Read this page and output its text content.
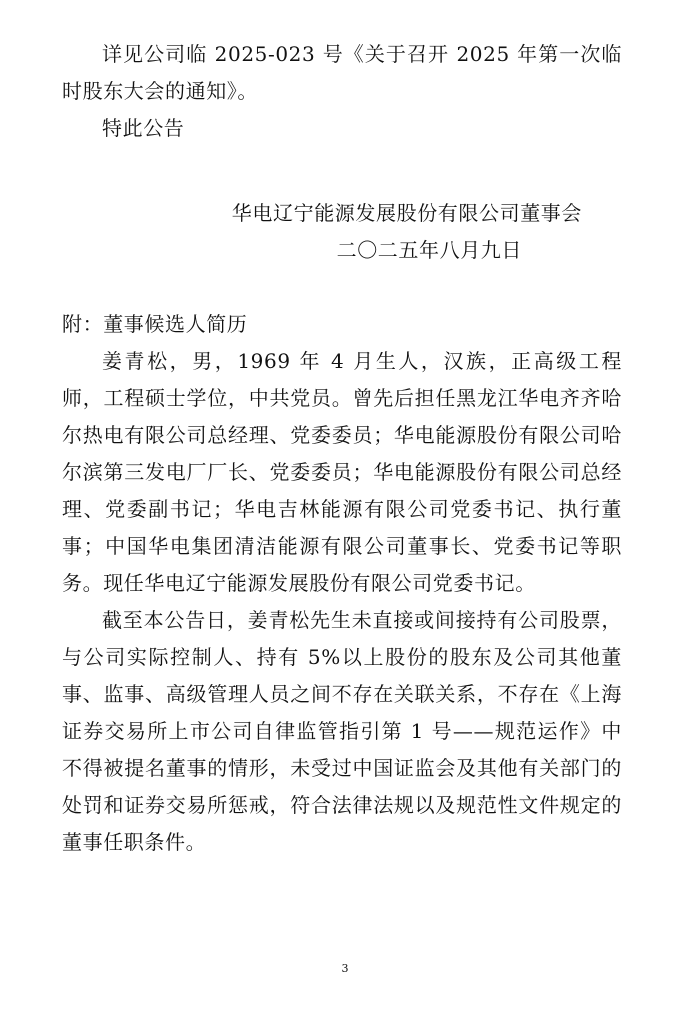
详见公司临 2025-023 号《关于召开 2025 年第一次临时股东大会的通知》。

特此公告

华电辽宁能源发展股份有限公司董事会

二〇二五年八月九日

附：董事候选人简历

姜青松，男，1969 年 4 月生人，汉族，正高级工程师，工程硕士学位，中共党员。曾先后担任黑龙江华电齐齐哈尔热电有限公司总经理、党委委员；华电能源股份有限公司哈尔滨第三发电厂厂长、党委委员；华电能源股份有限公司总经理、党委副书记；华电吉林能源有限公司党委书记、执行董事；中国华电集团清洁能源有限公司董事长、党委书记等职务。现任华电辽宁能源发展股份有限公司党委书记。

截至本公告日，姜青松先生未直接或间接持有公司股票，与公司实际控制人、持有 5%以上股份的股东及公司其他董事、监事、高级管理人员之间不存在关联关系，不存在《上海证券交易所上市公司自律监管指引第 1 号——规范运作》中不得被提名董事的情形，未受过中国证监会及其他有关部门的处罚和证券交易所惩戒，符合法律法规以及规范性文件规定的董事任职条件。

3
